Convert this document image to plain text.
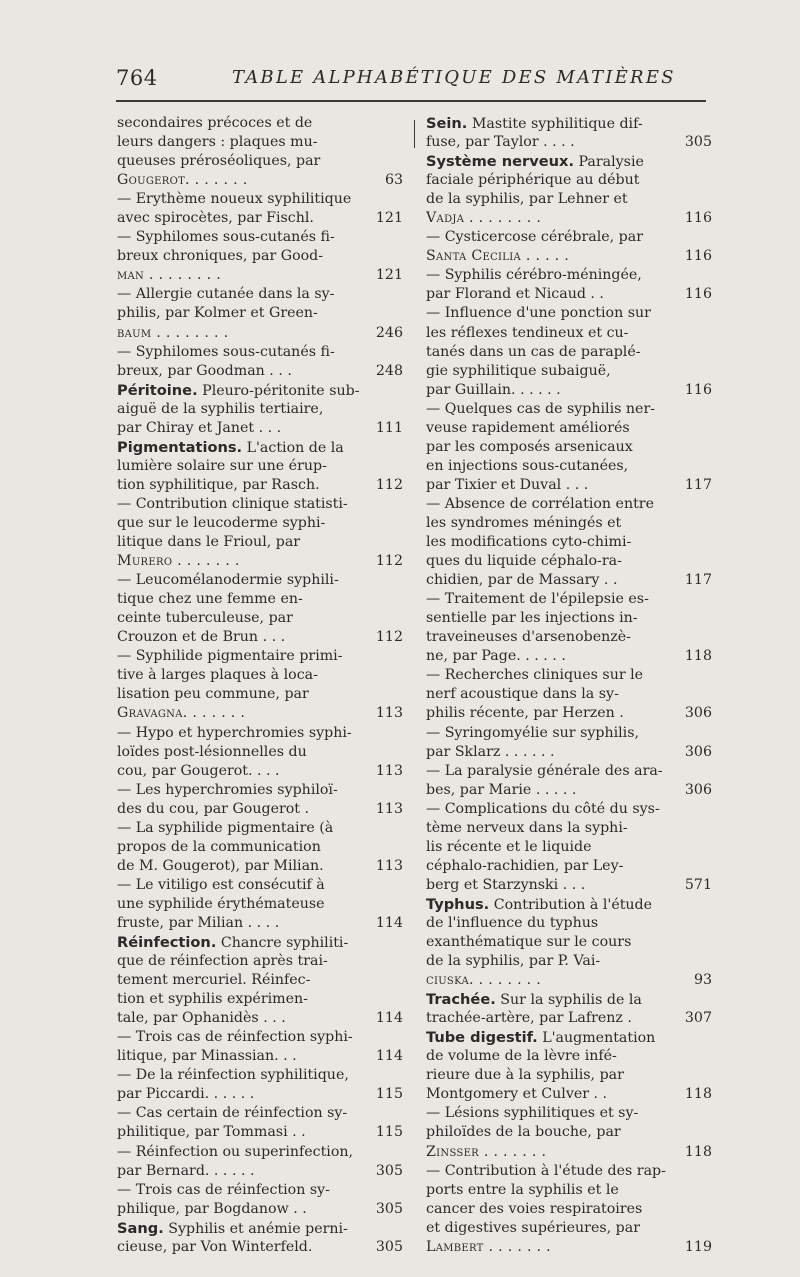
764	TABLE ALPHABÉTIQUE DES MATIÈRES
secondaires précoces et de
leurs dangers : plaques mu-
queuses préroséoliques, par
Gougerot. . . . . . .	63
— Erythème noueux syphilitique
avec spirocètes, par Fischl.	121
— Syphilomes sous-cutanés fi-
breux chroniques, par Good-
man . . . . . . . .	121
— Allergie cutanée dans la sy-
philis, par Kolmer et Green-
baum . . . . . . . .	246
— Syphilomes sous-cutanés fi-
breux, par Goodman . . .	248
Péritoine. Pleuro-péritonite sub-
aiguë de la syphilis tertiaire,
par Chiray et Janet . . .	111
Pigmentations. L'action de la
lumière solaire sur une érup-
tion syphilitique, par Rasch.	112
— Contribution clinique statisti-
que sur le leucoderme syphi-
litique dans le Frioul, par
Murero . . . . . . .	112
— Leucomélanodermie syphili-
tique chez une femme en-
ceinte tuberculeuse, par
Crouzon et de Brun . . .	112
— Syphilide pigmentaire primi-
tive à larges plaques à loca-
lisation peu commune, par
Gravagna. . . . . . .	113
— Hypo et hyperchromies syphi-
loïdes post-lésionnelles du
cou, par Gougerot. . . .	113
— Les hyperchromies syphiloï-
des du cou, par Gougerot .	113
— La syphilide pigmentaire (à
propos de la communication
de M. Gougerot), par Milian.	113
— Le vitiligo est consécutif à
une syphilide érythémateuse
fruste, par Milian . . . .	114
Réinfection. Chancre syphiliti-
que de réinfection après trai-
tement mercuriel. Réinfec-
tion et syphilis expérimen-
tale, par Ophanidès . . .	114
— Trois cas de réinfection syphi-
litique, par Minassian. . .	114
— De la réinfection syphilitique,
par Piccardi. . . . . .	115
— Cas certain de réinfection sy-
philitique, par Tommasi . .	115
— Réinfection ou superinfection,
par Bernard. . . . . .	305
— Trois cas de réinfection sy-
philique, par Bogdanow . .	305
Sang. Syphilis et anémie perni-
cieuse, par Von Winterfeld.	305
Sein. Mastite syphilitique dif-
fuse, par Taylor . . . .	305
Système nerveux. Paralysie
faciale périphérique au début
de la syphilis, par Lehner et
Vadja . . . . . . . .	116
— Cysticercose cérébrale, par
Santa Cecilia . . . . .	116
— Syphilis cérébro-méningée,
par Florand et Nicaud . .	116
— Influence d'une ponction sur
les réflexes tendineux et cu-
tanés dans un cas de paraplé-
gie syphilitique subaiguë,
par Guillain. . . . . .	116
— Quelques cas de syphilis ner-
veuse rapidement améliorés
par les composés arsenicaux
en injections sous-cutanées,
par Tixier et Duval . . .	117
— Absence de corrélation entre
les syndromes méningés et
les modifications cyto-chimi-
ques du liquide céphalo-ra-
chidien, par de Massary . .	117
— Traitement de l'épilepsie es-
sentielle par les injections in-
traveineuses d'arsenobenzè-
ne, par Page. . . . . .	118
— Recherches cliniques sur le
nerf acoustique dans la sy-
philis récente, par Herzen .	306
— Syringomyélie sur syphilis,
par Sklarz . . . . . .	306
— La paralysie générale des ara-
bes, par Marie . . . . .	306
— Complications du côté du sys-
tème nerveux dans la syphi-
lis récente et le liquide
céphalo-rachidien, par Ley-
berg et Starzynski . . .	571
Typhus. Contribution à l'étude
de l'influence du typhus
exanthématique sur le cours
de la syphilis, par P. Vai-
ciuska. . . . . . . .	93
Trachée. Sur la syphilis de la
trachée-artère, par Lafrenz .	307
Tube digestif. L'augmentation
de volume de la lèvre infé-
rieure due à la syphilis, par
Montgomery et Culver . .	118
— Lésions syphilitiques et sy-
philoïdes de la bouche, par
Zinsser . . . . . . .	118
— Contribution à l'étude des rap-
ports entre la syphilis et le
cancer des voies respiratoires
et digestives supérieures, par
Lambert . . . . . . .	119
